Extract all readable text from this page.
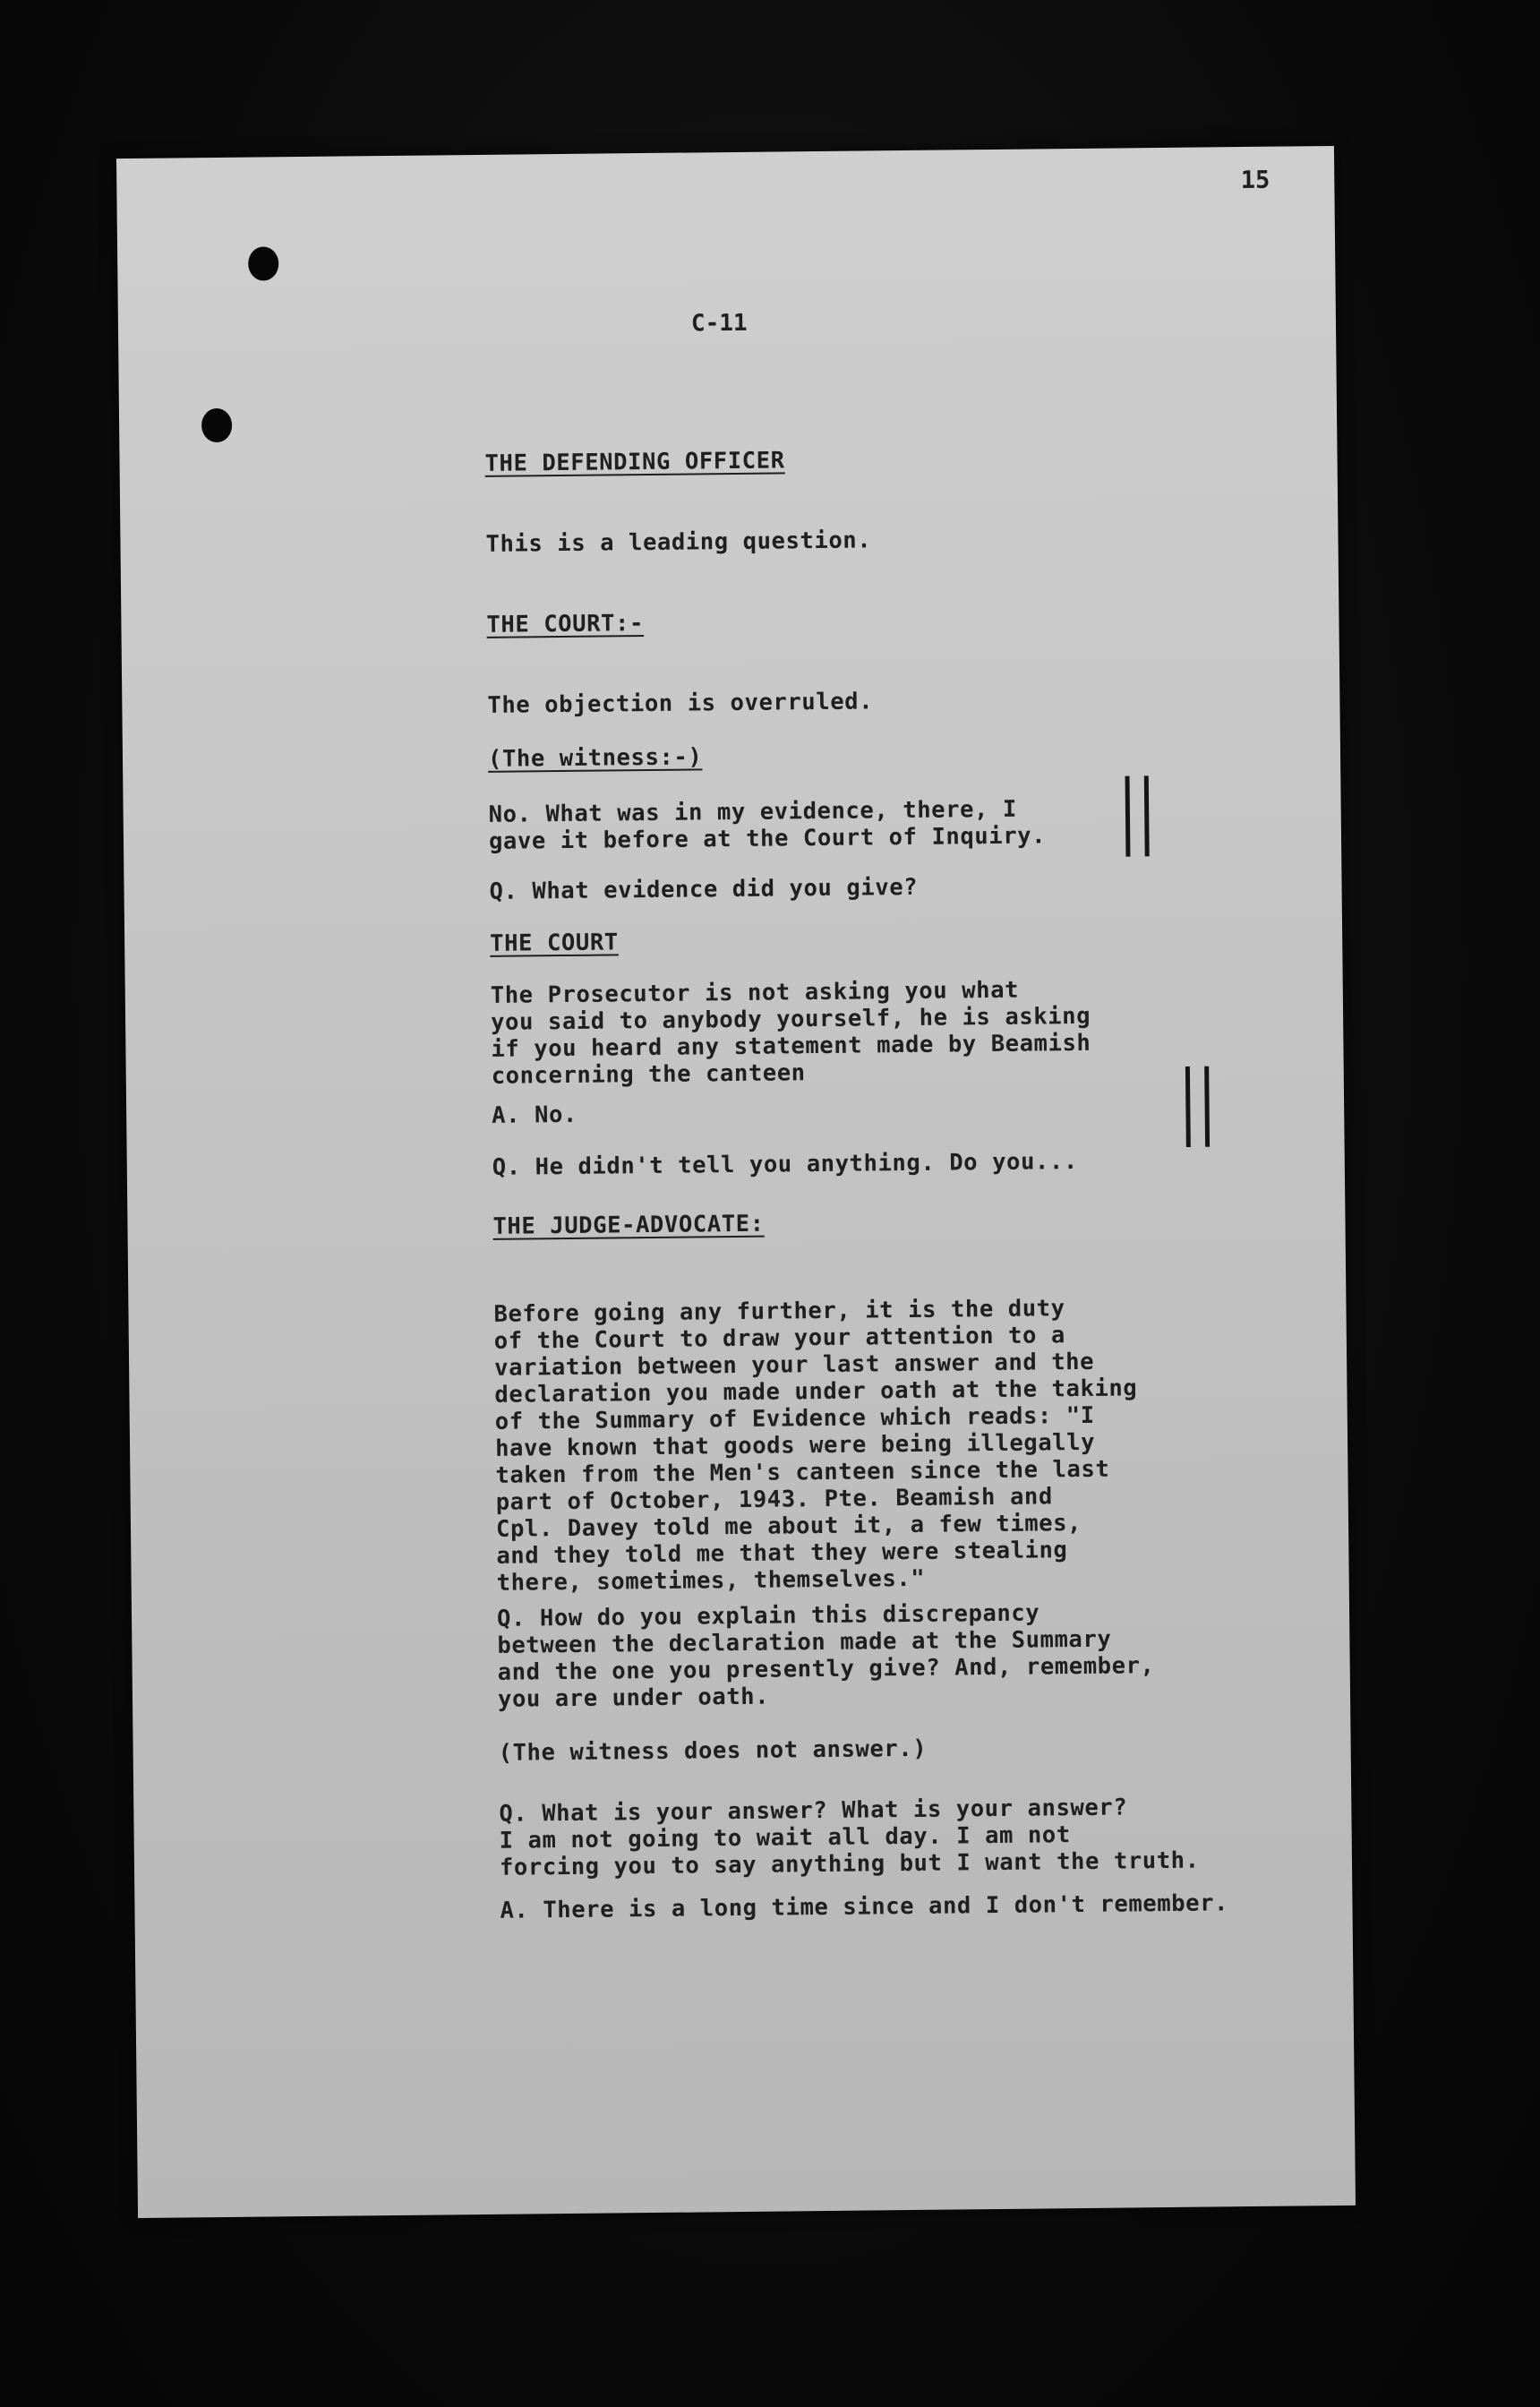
15
C-11
THE DEFENDING OFFICER
This is a leading question.
THE COURT:-
The objection is overruled.
(The witness:-)
No. What was in my evidence, there, I
gave it before at the Court of Inquiry.
Q. What evidence did you give?
THE COURT
The Prosecutor is not asking you what
you said to anybody yourself, he is asking
if you heard any statement made by Beamish
concerning the canteen
A. No.
Q. He didn't tell you anything. Do you...
THE JUDGE-ADVOCATE:
Before going any further, it is the duty
of the Court to draw your attention to a
variation between your last answer and the
declaration you made under oath at the taking
of the Summary of Evidence which reads: "I
have known that goods were being illegally
taken from the Men's canteen since the last
part of October, 1943. Pte. Beamish and
Cpl. Davey told me about it, a few times,
and they told me that they were stealing
there, sometimes, themselves."
Q. How do you explain this discrepancy
between the declaration made at the Summary
and the one you presently give? And, remember,
you are under oath.
(The witness does not answer.)
Q. What is your answer? What is your answer?
I am not going to wait all day. I am not
forcing you to say anything but I want the truth.
A. There is a long time since and I don't remember.
||
||
